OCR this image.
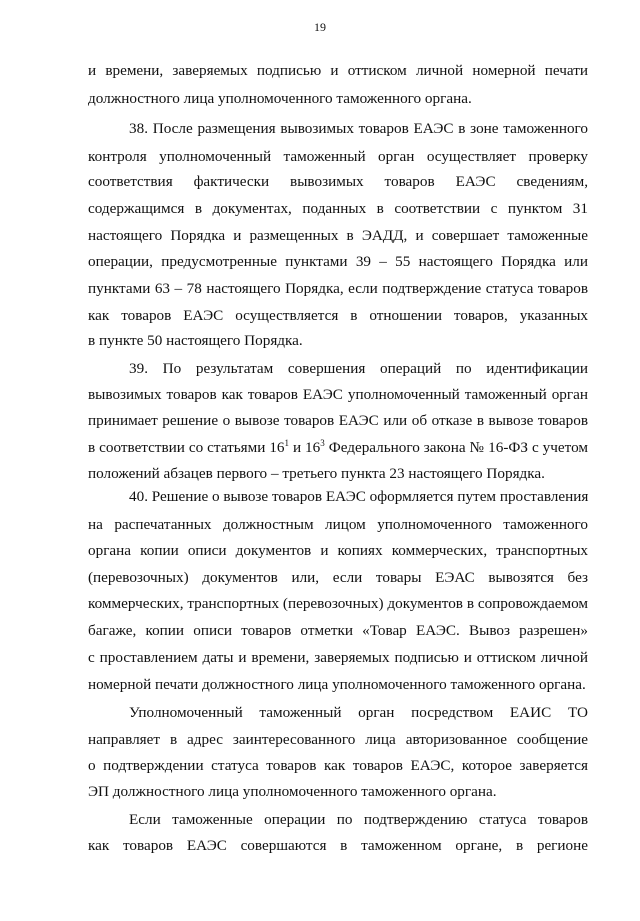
19
и времени, заверяемых подписью и оттиском личной номерной печати
должностного лица уполномоченного таможенного органа.
38. После размещения вывозимых товаров ЕАЭС в зоне таможенного
контроля уполномоченный таможенный орган осуществляет проверку
соответствия фактически вывозимых товаров ЕАЭС сведениям,
содержащимся в документах, поданных в соответствии с пунктом 31
настоящего Порядка и размещенных в ЭАДД, и совершает таможенные
операции, предусмотренные пунктами 39 – 55 настоящего Порядка или
пунктами 63 – 78 настоящего Порядка, если подтверждение статуса товаров
как товаров ЕАЭС осуществляется в отношении товаров, указанных
в пункте 50 настоящего Порядка.
39. По результатам совершения операций по идентификации
вывозимых товаров как товаров ЕАЭС уполномоченный таможенный орган
принимает решение о вывозе товаров ЕАЭС или об отказе в вывозе товаров
в соответствии со статьями $16^1$ и $16^3$ Федерального закона № 16-ФЗ с учетом
положений абзацев первого – третьего пункта 23 настоящего Порядка.
40. Решение о вывозе товаров ЕАЭС оформляется путем проставления
на распечатанных должностным лицом уполномоченного таможенного
органа копии описи документов и копиях коммерческих, транспортных
(перевозочных) документов или, если товары ЕЭАС вывозятся без
коммерческих, транспортных (перевозочных) документов в сопровождаемом
багаже, копии описи товаров отметки «Товар ЕАЭС. Вывоз разрешен»
с проставлением даты и времени, заверяемых подписью и оттиском личной
номерной печати должностного лица уполномоченного таможенного органа.
Уполномоченный таможенный орган посредством ЕАИС ТО
направляет в адрес заинтересованного лица авторизованное сообщение
о подтверждении статуса товаров как товаров ЕАЭС, которое заверяется
ЭП должностного лица уполномоченного таможенного органа.
Если таможенные операции по подтверждению статуса товаров
как товаров ЕАЭС совершаются в таможенном органе, в регионе
